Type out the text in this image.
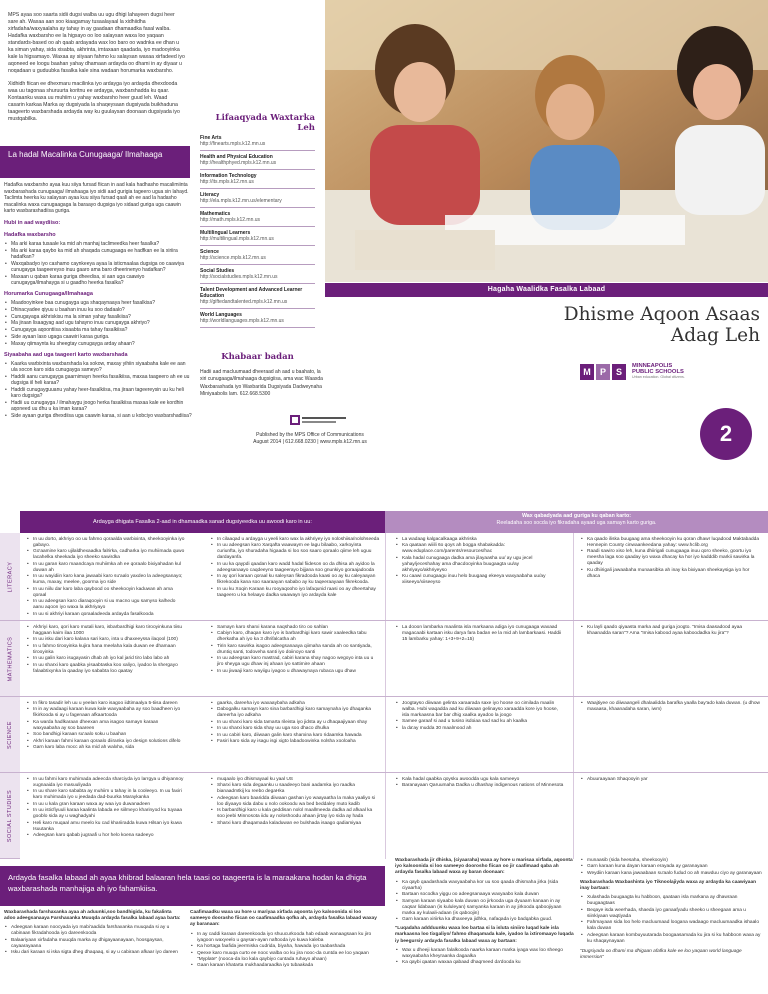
MPS ayaa soo saarta sidii dugsi walba uu ugu dhigi lahayeen dugsi heer sare ah. Waxaa aan soo kiaagamay tusaalayaal la xidhiidha xirfadaha/waxyaalaha ay tahay in ay gaadaan dhamaadka fasal walba. Hadafka waxbarsho ee la higsayo oo loo salaysan waxa loo yaqaan standards-based oo ah qaab ardayada wax loo baro oo wadnka ee dhan u ka siman yahay, sida xisabta, akhrinta, imtaxaan qaadada, iyo madooyinka kale la higsamayo. Waxaa ay siiyaan fahmo ku salaysan waxaa xirfadeed iyo aqoneed ee loogu baahan yahay dhamaan ardayda oo dhami in ay diyaar u noqadaan u guduubka fasalka kale sina wadaan horumarka waxbarsho.

Xidhidh fiican ee dhexmaru macilinka iyo ardayga iyo ardayda dhexdooda waa uu tagonaa shuruurta koritnu ee ardayga, waxbarshadda ku qaar. Kontaanku waxa uu muhiim u yahay waxbarsho heer guud leh. Waad casarin karkaa Marka ay dugsiyada la shaqeysaan dugsiyada buikhaduna taageerto waxbarshada ardayda way ku guulaysan doonaan dugsiyada iyo mustqabilka.

La hadal Macalinka Cunugaaga/ Ilmahaaga

Hadafka waxbarsho ayaa kuu siiya fursad fiican in aad kala hadhasho macalimiinta waxbarashada cunugaaga/ ilmahaaga iyo sidii aad gurigia tageero ugua sin lahayd. Taclimta heerka ku salaysan ayaa kuu siiya fursad qaali ah ee aad la hadasho macalinka waxa cunugaagaga la baraayo dugsiga iyo sidaad guriga uga caawin karto waxbarashadiisa guriga.

Hubi in aad waydiiso:
Hadafka waxbarsho
• Ma arki karaa tusaale ka mid ah manhaj taclimeedka heer fasalka?
• Ma arki karaa qaybo ka mid ah shaqada cunugaaga ee hadfkan ee la xiriira hadafkan?
• Waxqabadyo iyo cashamo caynkeeya ayaa la isticmaalaa dugsiga oo caawiya cunugayga taageereyso inuu gaaro ama baro dheerinenyo hadafkan?
• Maxaan u qaban karaa guriga dheedisa, si aan uga caawiyo cunugayga/ilmahayga si u gaadho heerka fasalka?
Horumarka Cunugaaga/Ilmahaaga
• Maadooyinkee baa cunugayga uga shaqaynaaya heer fasalkisa?
• Dhinacyadee qiyuu u baahan inuu ku soo dadaalo?
• Cunugayaga akhriskisu ma la siman yahay fasalkiisa?
• Ma jiraan lisaagyag aad ugu tahayno inuu cunugayga akhriyo?
• Cunugayga aqoontiisa xisaabta ma tahay fasalkiisa?
• Side ayaan laso ugaga caawiri karaa guriga.
• Maxay qiimaynta ku sheegtay cunugayga arday ahaan?
Siyaabaha aad uga taageeri karto waxbarshada
• Kaarka warbixinta waxbarshada ka sokow, maxay yihiin siyaabaha kale ee aan ula socon karo sida cunugayga sameyo?
• Haddii aanu cunugayga gaarnimayn heerka fasalkiisa, maxaa taageero ah ee uu dugsiga iil heli karaa?
• Haddii cunugayguuanu yahay heer-fasalkiisa, ma jiraan tageereysin uu ku heli karo dugsiga?
• Hadii uu cunugayga / ilmahaygu joogo herka fasalkiisa maxaa kale ee kordhin aqoneed uu dhu u ka iman karaa?
• Side ayaan guriga dhexdiisa uga caawin karaa, si aan u kobciyo waxbarshadiisa?
Lifaaqyada Waxtarka Leh
Fine Arts
http://finearts.mpls.k12.mn.us
Health and Physical Education
http://healthphyed.mpls.k12.mn.us
Information Technology
http://its.mpls.k12.mn.us
Literacy
http://ela.mpls.k12.mn.us/elementary
Mathematics
http://math.mpls.k12.mn.us
Multilingual Learners
http://multilingual.mpls.k12.mn.us
Science
http://science.mpls.k12.mn.us
Social Studies
http://socialstudies.mpls.k12.mn.us
Talent Development and Advanced Learner Education
http://giftedandtalented.mpls.k12.mn.us
World Languages
http://worldlanguages.mpls.k12.mn.us
Khabaar badan
Hadii aad macluumaad dheeraad ah aad u baahato, la xiri cunugaaga/ilmahaaga dugsigiisa, ama wac Waaxda Waxbarashada iyo Waxbarida Dugsiyada Dadweynaha Miniyaabolis lam. 612.668.5300
Published by the MPS Office of Communications August 2014 | 612.668.0230 | www.mpls.k12.mn.us
Hagaha Waalidka Fasalka Labaad
Dhisme Aqoon Asaas
Adag Leh
M	P	S
MINNEAPOLIS
PUBLIC SCHOOLS
Urban education. Global citizens.
2
Ardayga dhigata Fasalka 2-aad in dhamaadka sanad dugsiyeedka uu awoodi karo in uu:
Wax qabadyada aad guriga ku qaban karto:
Reeladaha soo socda iyo fikradaha ayaad uga samayn karto guriga.
LITERACY
• In uu dorto, akhriyo oo uu fahmo qoraalda warbixinta, sheekooyinka iyo gabayo.
• Go'aamine karo ujilaldhexaadka falrirka, cadharka iyo muhiimada quwo lacahelka sheekada iyo sheeko sawirdka
• In uu garan karo maandcaya muhiimka ah ee qoraalo bixiyahadan kul duwan ah
• In uu wayidiin karo kana jawaabi karo su'aalo yaxdeo la adeegsanayo; kuma, maxay, meelee, goorma iyo side
• In uu niilu dar karo laba qaybood oo sheekooyin kaduwan ah ama qoraal
• In uu adeegsan karo diaraqooyin si uu macno ugu samyso kalhedo aanu aqoon iyo waxa la akhriyayo
• In uu si akhriyi karaan qoraaladeeda ardayda fasalkooda
• In cilaaqad u ardayga u yeeli karo wax la akhriyey iyo noloshiisa/nolohseeda
• In uu adeegsan karo Xarqafta waawaym ee lagu bilaabo, xarkoyinta curiunfta, iyo shuradaha higaada si loo soo saaro qoraalo qiime leh uguu dardayanfa.
• In uu ka qaypdi qaadan karo wadd hadal fiideson oo da dhisa ah ayidoo la adeegsanaayo caqdeeyno taageerayo bijjana soo gnunkiyo goraajadooda
• In ay qori karaan qoraal ku saleysan fikradooda kaasi oo ay ku caleyaayan fikrekooda kana soo saaraayan sababo ay ku taqeeraayaan fikrekooda.
• In uu ku Xoqin Karaan ku rooyaqooho iyo lafaqunid raasi oo ay dheertahay taageero u ka helaayo dadka waawayn iyo ardayda kale
• La wadaag kalgacalkaaga akhriska
• Ka qaataan wiiili 6o qoys ah bogga shabakadda: www.eduplace.com/parents/resources/hac
• Kala hadal cunugaaga dadka ama jilayaasha uu/ ay ugu jecel yahay/jeceshahay ama dhacdooyinka buugaagta uu/ay akhriyayo/akhriyeyso
• Ku caawi cunugaagu inuu helo buugaag ekeeya waxyaabaha uu/ay xiiseeyo/xiiseeyso
• Ka qaado iliska buugaag ama sheekooyin ku qoran dhawr luqadood Maktabadda Hennepin County cinwaankeedana yahay: www.hclib.org
• Raadi sawiro xiso leh, kuna dhiirigali cunugaaga inuu qoro sheeko, goortu iyo meesha laga soo qaaday iyo waxa dhacay ka hor iyo kadddib markii sawirka la qaaday
• Ku dhiirigali jawaabaha munaasibka ah inay ka bixiyaan sheekaysiga iyo hor dhaca
MATHEMATICS
• Akhriyi karo, qori karo mutali karo, isbarbardhigi karo tirooyinkuna tiisu haggaan kaim ilaa 1000
• In uu isku dari karo kalana sari karo, inta u dhaxeeyssa ilaqool (100)
• In u fahmo tirooyinka kujira hana meelaha kala duwan ee dhamaan tirooyinka
• In uu galin karo isugayasin dhab ah iyo kal jarid tiro labo labo ah
• In uu sharxi karo qaabka yisaabtaska koo xaliyo, iyadoo la shergayo falaabtixynka la qaaday iyo sababta loo qaatay
• Samayn karo sharxi karana naqshado tiro oo sahlan
• Cabiyn karo, dhaqan karo iyo is barbardhigi karo sawir xaaleedka tabu dherkatha ah iyo ka 3 dhrifalcatha ah
• Tirin karo sawirka isagoo adeegsanaaya qiimaha sanda ah oo santiyada, druntiq santi, todoveha santi iyo doiinoyo santi
• In uu adeegsan karo mastrad, cabiri karana shay nagoo wegoyo inta uu u jiro sheyga ugu dhaw inj ahaan iyo sattimire ahaan
• In uu jiwaaji karo wayiigu iyagoo u dhawaynaya rubaca ugu dhaw
• La dooon lambarka maalinta isla markaana adiga iyo cunugaaga waxaad magacaabi kartaan isku darya fara badan ee la mid ah lambarkaasi. Haddii 15 lambarku yahay: 1+3+9+2=15)
• Ku layli qaado qiyaasta marka aad guriga joogto. "Imisa daasadood ayaa khaanadda saran"? Ama "Imisa kabood ayaa kaboodadka ku jira"?
SCIENCE
• In fikro tasadir leh uu u yeelan karo isagoo iidtimaalya 5-tiisa dareen
• In in ay wadaagi karaan kuwa kale waxyaabaha ay soo baadheen iyo fikirkooda si ay u fagenaan afkaartooda
• Ka warda hadlkaraan dheexan ama isagoo samayn karaan waxyaabaha ay soo baareen
• Soo bandhigi karaan su'aalo soku u baahan
• Akhri karaan fahmi karaan qoraalo diiranka iyo design solutions difelo
• Garn karo laba mocc ah ka mid ah walxha, sida
• gaarka, dareeha iyo waxaaybaha adkaha
• Dabogalku samayn karo sina barbardhigi karo samaynaha iyo dhaqanka dareerha iyo adkaha
• In uu sharxi karo sida tamarta rileista iyo jidsta ay u dhaqaajiyaan shay
• In uu sharxi karo sida shay uu uga soo dhaco dhulka
• In uu cabiri karo, diiwaan galin karo sharxina karo ridaamka hawada
• Fasiri karo sida ay isagu isgi xigto labadoowinka nolsha xooloaha
• Joogtayso diiwaan gelinta xaraarada saxe iyo hoose oo cimilada maalin walba. Hubi waqadda aad ku diiwaan gelinayso xaraadda kore iyo hoose, isla markaasna bar bar dhig xaalka ayadoo la joogo
• Samee garaaf si aad u tusiso isdoiaa sad sad ku ah kaalka
• la da'ay mudda 30 maalmood ah
• Waajtiyee oo diiwaangeli dhalaalidda barafka yaalla bay'ado kala duwan. (u dhow maxaasa, khaanadaha saran, iwm)
SOCIAL STUDIES
• In uu fahmi karo muhimada adeecda sharciyda iyo larrgya u dhiyannoy xugnaaida iyo masuuliyada
• In uu share karo sababta ay muhiim u tahay in la cooleeyo. In uu faxiri karo muhimada iyo u jeedada dad-buurka Maraykanka
• In uu u kala gran karaan waxa ay waa iyo duwanadeen
• In uu isticfiyuuli karaa kaalinta labada ee siilmeyo kharinyod ku tuyaaa gooblo sida ay u waghadyahi
• Heli karo muqaal amu meelo ku cad khariiradda kuwa Hilsan iyo kuwa Isuutanka
• Adeegsan karo qabab jugraafi u hor helo koena sadeeyo
• muqaalo iyo dhismayaal ku yaal US
• Sharxi karo sida degaanku u saadeeyo bani aadamka iyo raadka bianaadmtkij ku reebo degaHka
• Adeegsan karo baaridda diiwaan gashan iyo waayaatha la maka yaaliyo si loo diyaayo sida dabu u nolo ookoodu wa bed beddaley muto kadib
• Is barbardhigi karo u kala geddisan nolol maallmeeda dadka ad afkaal ka soo jeebi Minnosota iidu ay noloshoodu ahaan jirtay iyo sida ay hada
• Sharxi karo dhaqamada kaladuwan ee bulshada isaago qadiamiyaa
• Kala hadal qaabka qoysku awoodda ugu kala sameeyo
• Baranayaan Qaruumaha Dadka u dhashay indigenous nations of Minnesota
• Abuuraayaan Shaqooyin yar
Ardayda fasalka labaad ah ayaa khibrad balaaran hela taasi oo taageerta is la maraakana hodan ka dhigta waxbarashada manhajiga ah iyo fahamkiisa.

Waxbarashada farshaxanka ayaa ah aduunki,soo bandhigida, ku fakalinta adoo adeegsanaaya Farshaxanka Muuqda ardayda fasalka labaad ayaa barta:

• Adeegsan karaan noocyada iyo mabi'aadida farshaxanka muuqada si ay u cabinaan fikradahooda iyo dareenkooda
• Balaariyaan xirfadaha muuqda marka ay dhigayaanayaan, hoosgaysan, cayaarayaana
• Isku dari karaan si iska sigta dheg dhaqaaq, si ay u cabiraan afkaar iyo dareen

Caafimaadku waxa uu hore u mariyaa xirfada aqoonta iyo kalsoonida si loo sameeyo doorasho fiican oo caafimaadka qofka ah, ardayda fasalka labaad waxay ay baranaan:

• In ay caddi karaan dareenkooda iyo shuucurkooda hab edaab wanaagsaan ku jiro iyagoon waxyeelo u gaysan-ayan naftooda iyo kuwa kaleba
• Ka hortaga faafida jeermiska cudrida, biyaha, hawada iyo taabashada
• Qeexe karo muuqa curto ee nooc walba oo ku jira nooc-da cuntda ee loo yaqaan "Myplate" (nooca-da loo kala qaybiyo cuntada ruhayo ahaan)
• Gaan karaan khatarta mukhaadaraadka iyo tubaakada

Waxbarashada jir dhiska, (ciyaaraha) waxa ay hore u marisaa xirfada, aqoonta iyo kalsoonida si loo sameeyo doorosho fiican oo jir caafimaad qaba ah ardayda fasalka labaad waxa ay baran doonaan:

• Ka qayb qaadashada waxyaabaha kor uu soo qaada dhismaha jirka (sida ciyaarha)
• Bartaan socodka yiggu oo adeegsanaaya waxyaabo kala duwan
• Samyan karaan siyaabo kala duwan oo jirkooda uga dyuaam kanaan in ay caqsar lidabaan (is kululeyan) samyanka karaan in ay jirkooda qaboojiyaan marka ay kulaali-adaan (is qaboojin)
• Garn karaan xiriirka ka dhaxeeya jidhka, nafaqada iyo badqabka guud.

"Luqadaha addduunku waxa loo bartaa si la isluta siniiro luqad kale isla markaasna loo tixgaliyo/ fahmo dhaqamada kale, iyadoo la ixtiromaayo luqada iy beegursiy ardayda fasalka labaad waxa ay bartaan:

• Wax u dheeji karaan falalkooda naarka karaan marka iyaga wax loo sheego waxyaabaha kheyraanka dagaalka
• Ka qaybi qaatan waxaa qabaad dhaqmeed da'dooda ku
• munaasib (sida heesaha, sheekooyin)
• Garn karaan kuna dayan karaan erayada ay garanayaan
• Weydiin karaan kana jawaabaan su'aalo fudud oo ah mawduu ciyo ay garanayaan

Waxbarashada Waxbashinta iyo Tiknoolajiyda waxa ay ardayda ka caawiyaan inay bartaan:

• Xulashada buugaagta ku habboon, qaataan isla markana ay dhawraan buugaagtaas
• Beqaye isda weerhada, shaeda iyo ganaafyadu sheeko u sheegaan ama u siinkiyaan waqtiyada
• Fahmayaan sida loo helo macluumaad loogana wadaago macluumaadka ishaalo kala duwan
• Adeegsan karaan kombuyuutarada boogaasamada ku jira si ku habboon waxa ay ku shaqaynayaan

"Dugsiyada oo dhami ma dhigaan afafka kale ee loo yaqaan world language immersion"
